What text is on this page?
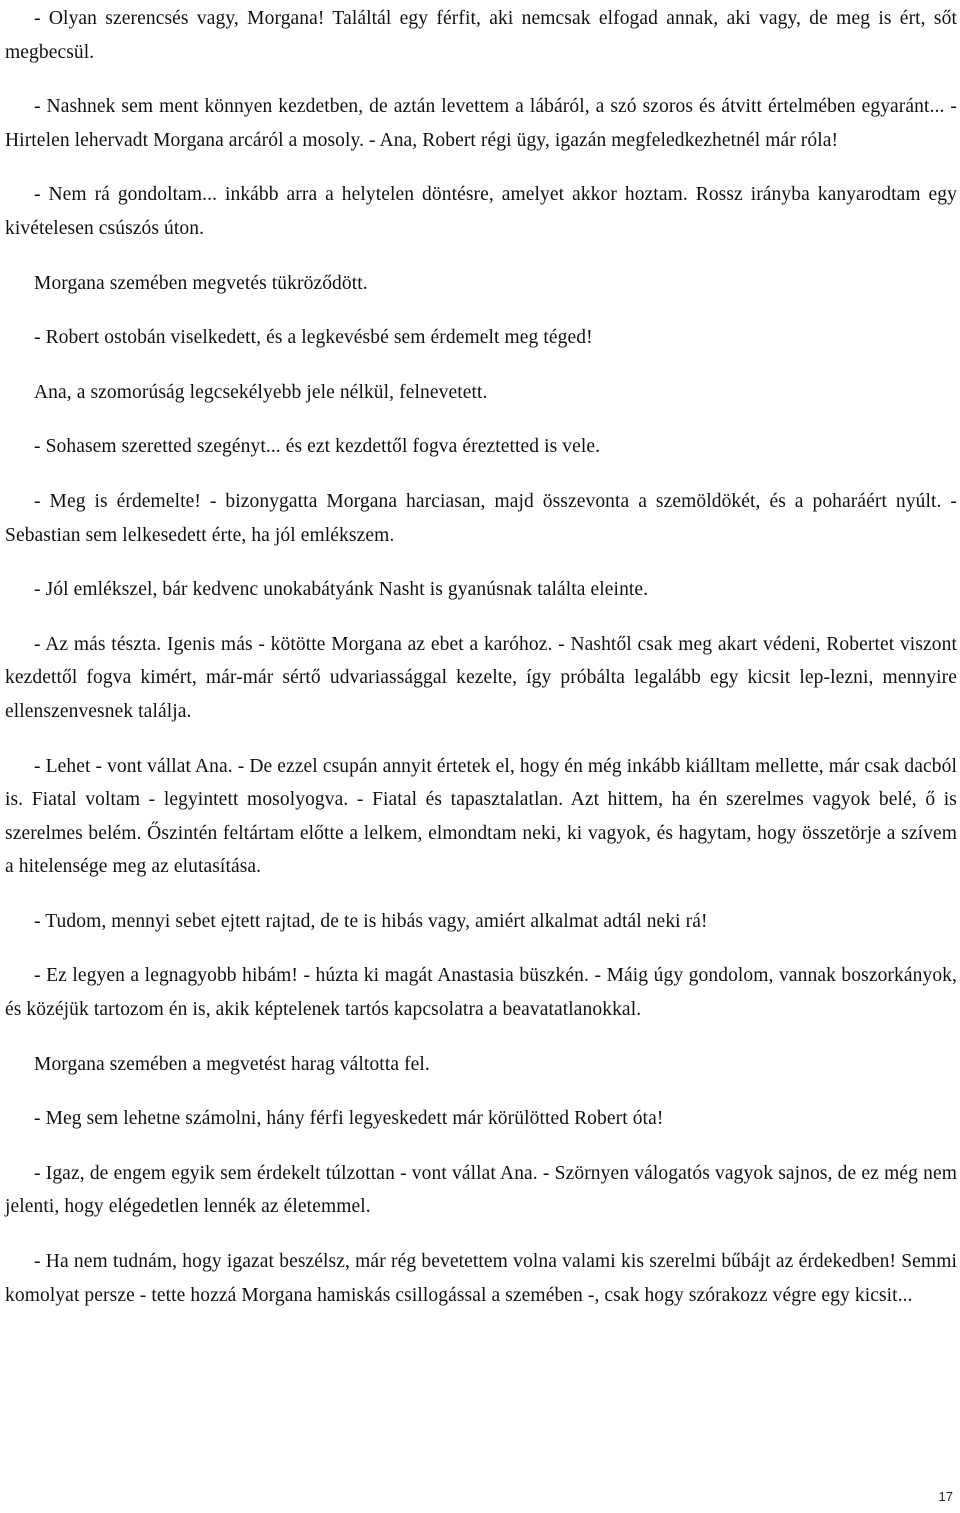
- Olyan szerencsés vagy, Morgana! Találtál egy férfit, aki nemcsak elfogad annak, aki vagy, de meg is ért, sőt megbecsül.

- Nashnek sem ment könnyen kezdetben, de aztán levettem a lábáról, a szó szoros és átvitt értelmében egyaránt... - Hirtelen lehervadt Morgana arcáról a mosoly. - Ana, Robert régi ügy, igazán megfeledkezhetnél már róla!

- Nem rá gondoltam... inkább arra a helytelen döntésre, amelyet akkor hoztam. Rossz irányba kanyarodtam egy kivételesen csúszós úton.

Morgana szemében megvetés tükröződött.

- Robert ostobán viselkedett, és a legkevésbé sem érdemelt meg téged!

Ana, a szomorúság legcsekélyebb jele nélkül, felnevetett.

- Sohasem szeretted szegényt... és ezt kezdettől fogva éreztetted is vele.

- Meg is érdemelte! - bizonygatta Morgana harciasan, majd összevonta a szemöldökét, és a poharáért nyúlt. - Sebastian sem lelkesedett érte, ha jól emlékszem.

- Jól emlékszel, bár kedvenc unokabátyánk Nasht is gyanúsnak találta eleinte.

- Az más tészta. Igenis más - kötötte Morgana az ebet a karóhoz. - Nashtől csak meg akart védeni, Robertet viszont kezdettől fogva kimért, már-már sértő udvariassággal kezelte, így próbálta legalább egy kicsit lep-lezni, mennyire ellenszenvesnek találja.

- Lehet - vont vállat Ana. - De ezzel csupán annyit értetek el, hogy én még inkább kiálltam mellette, már csak dacból is. Fiatal voltam - legyintett mosolyogva. - Fiatal és tapasztalatlan. Azt hittem, ha én szerelmes vagyok belé, ő is szerelmes belém. Őszintén feltártam előtte a lelkem, elmondtam neki, ki vagyok, és hagytam, hogy összetörje a szívem a hitelensége meg az elutasítása.

- Tudom, mennyi sebet ejtett rajtad, de te is hibás vagy, amiért alkalmat adtál neki rá!

- Ez legyen a legnagyobb hibám! - húzta ki magát Anastasia büszkén. - Máig úgy gondolom, vannak boszorkányok, és közéjük tartozom én is, akik képtelenek tartós kapcsolatra a beavatatlanokkal.

Morgana szemében a megvetést harag váltotta fel.

- Meg sem lehetne számolni, hány férfi legyeskedett már körülötted Robert óta!

- Igaz, de engem egyik sem érdekelt túlzottan - vont vállat Ana. - Szörnyen válogatós vagyok sajnos, de ez még nem jelenti, hogy elégedetlen lennék az életemmel.

- Ha nem tudnám, hogy igazat beszélsz, már rég bevetettem volna valami kis szerelmi bűbájt az érdekedben! Semmi komolyat persze - tette hozzá Morgana hamiskás csillogással a szemében -, csak hogy szórakozz végre egy kicsit...

17
